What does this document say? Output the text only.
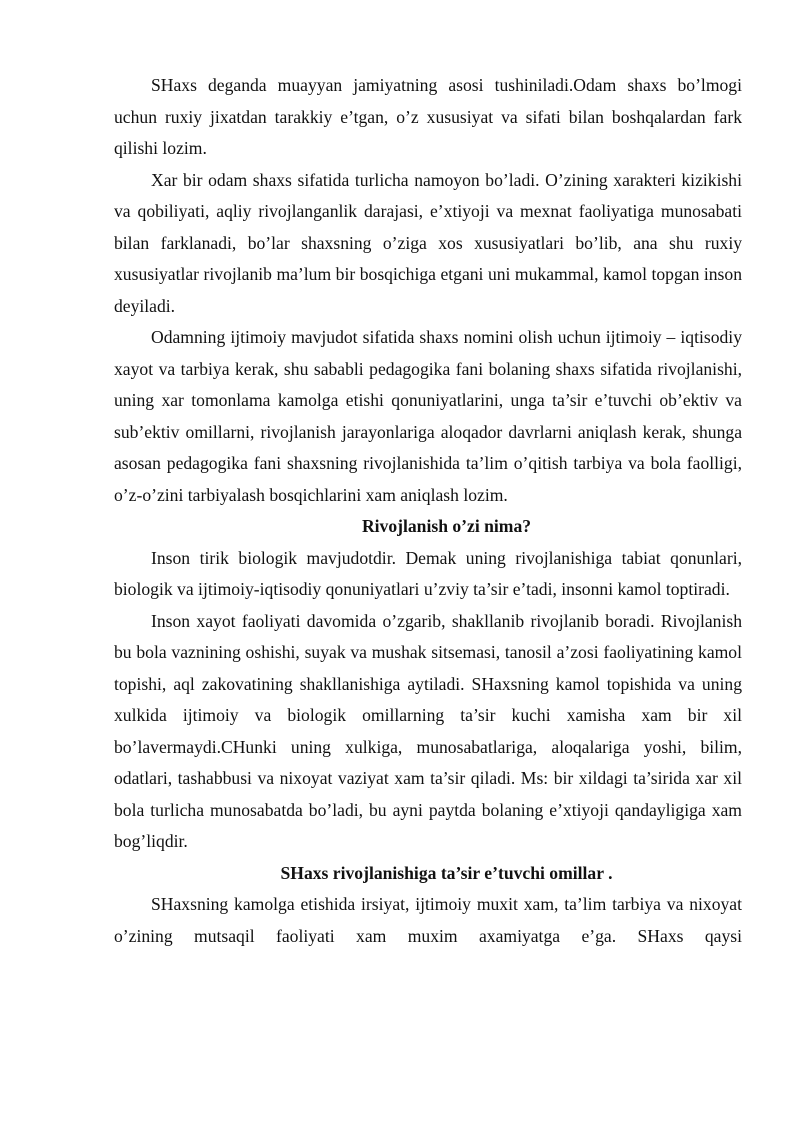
SHaxs deganda muayyan jamiyatning asosi tushiniladi.Odam shaxs bo’lmogi uchun ruxiy jixatdan tarakkiy e’tgan, o’z xususiyat va sifati bilan boshqalardan fark qilishi lozim.

Xar bir odam shaxs sifatida turlicha namoyon bo’ladi. O’zining xarakteri kizikishi va qobiliyati, aqliy rivojlanganlik darajasi, e’xtiyoji va mexnat faoliyatiga munosabati bilan farklanadi, bo’lar shaxsning o’ziga xos xususiyatlari bo’lib, ana shu ruxiy xususiyatlar rivojlanib ma’lum bir bosqichiga etgani uni mukammal, kamol topgan inson deyiladi.

Odamning ijtimoiy mavjudot sifatida shaxs nomini olish uchun ijtimoiy – iqtisodiy xayot va tarbiya kerak, shu sababli pedagogika fani bolaning shaxs sifatida rivojlanishi, uning xar tomonlama kamolga etishi qonuniyatlarini, unga ta’sir e’tuvchi ob’ektiv va sub’ektiv omillarni, rivojlanish jarayonlariga aloqador davrlarni aniqlash kerak, shunga asosan pedagogika fani shaxsning rivojlanishida ta’lim o’qitish tarbiya va bola faolligi, o’z-o’zini tarbiyalash bosqichlarini xam aniqlash lozim.

Rivojlanish o’zi nima?

Inson tirik biologik mavjudotdir. Demak uning rivojlanishiga tabiat qonunlari, biologik va ijtimoiy-iqtisodiy qonuniyatlari u’zviy ta’sir e’tadi, insonni kamol toptiradi.

Inson xayot faoliyati davomida o’zgarib, shakllanib rivojlanib boradi. Rivojlanish bu bola vaznining oshishi, suyak va mushak sitsemasi, tanosil a’zosi faoliyatining kamol topishi, aql zakovatining shakllanishiga aytiladi. SHaxsning kamol topishida va uning xulkida ijtimoiy va biologik omillarning ta’sir kuchi xamisha xam bir xil bo’lavermaydi.CHunki uning xulkiga, munosabatlariga, aloqalariga yoshi, bilim, odatlari, tashabbusi va nixoyat vaziyat xam ta’sir qiladi. Ms: bir xildagi ta’sirida xar xil bola turlicha munosabatda bo’ladi, bu ayni paytda bolaning e’xtiyoji qandayligiga xam bog’liqdir.

SHaxs rivojlanishiga ta’sir e’tuvchi omillar .

SHaxsning kamolga etishida irsiyat, ijtimoiy muxit xam, ta’lim tarbiya va nixoyat o’zining mutsaqil faoliyati xam muxim axamiyatga e’ga. SHaxs qaysi
